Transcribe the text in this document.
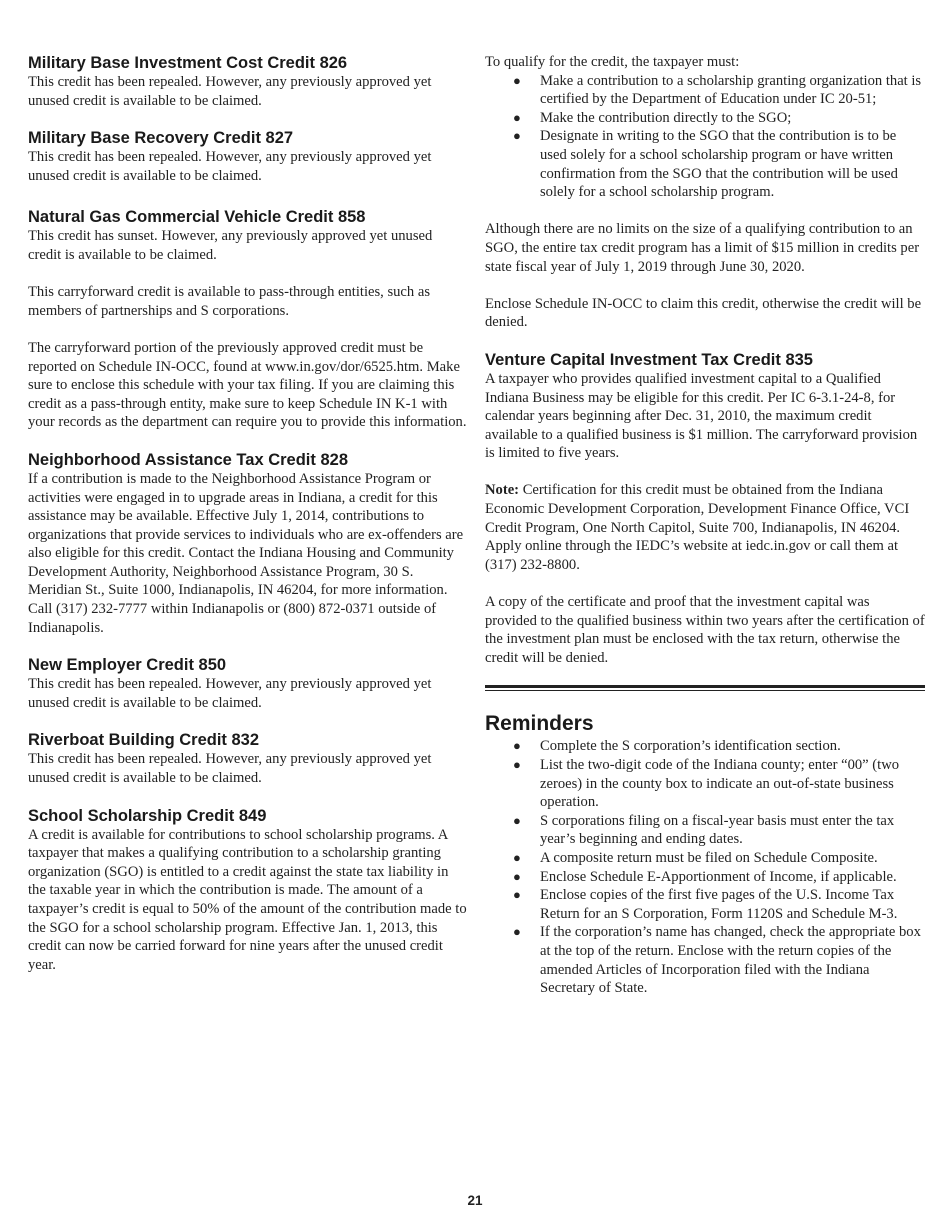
Military Base Investment Cost Credit 826

This credit has been repealed. However, any previously approved yet unused credit is available to be claimed.

Military Base Recovery Credit 827

This credit has been repealed. However, any previously approved yet unused credit is available to be claimed.

Natural Gas Commercial Vehicle Credit 858

This credit has sunset. However, any previously approved yet unused credit is available to be claimed.

This carryforward credit is available to pass-through entities, such as members of partnerships and S corporations.

The carryforward portion of the previously approved credit must be reported on Schedule IN-OCC, found at www.in.gov/dor/6525.htm. Make sure to enclose this schedule with your tax filing. If you are claiming this credit as a pass-through entity, make sure to keep Schedule IN K-1 with your records as the department can require you to provide this information.

Neighborhood Assistance Tax Credit 828

If a contribution is made to the Neighborhood Assistance Program or activities were engaged in to upgrade areas in Indiana, a credit for this assistance may be available. Effective July 1, 2014, contributions to organizations that provide services to individuals who are ex-offenders are also eligible for this credit. Contact the Indiana Housing and Community Development Authority, Neighborhood Assistance Program, 30 S. Meridian St., Suite 1000, Indianapolis, IN 46204, for more information. Call (317) 232-7777 within Indianapolis or (800) 872-0371 outside of Indianapolis.

New Employer Credit 850

This credit has been repealed. However, any previously approved yet unused credit is available to be claimed.

Riverboat Building Credit 832

This credit has been repealed. However, any previously approved yet unused credit is available to be claimed.

School Scholarship Credit 849

A credit is available for contributions to school scholarship programs. A taxpayer that makes a qualifying contribution to a scholarship granting organization (SGO) is entitled to a credit against the state tax liability in the taxable year in which the contribution is made. The amount of a taxpayer’s credit is equal to 50% of the amount of the contribution made to the SGO for a school scholarship program. Effective Jan. 1, 2013, this credit can now be carried forward for nine years after the unused credit year.

To qualify for the credit, the taxpayer must:

● Make a contribution to a scholarship granting organization that is certified by the Department of Education under IC 20-51;
● Make the contribution directly to the SGO;
● Designate in writing to the SGO that the contribution is to be used solely for a school scholarship program or have written confirmation from the SGO that the contribution will be used solely for a school scholarship program.

Although there are no limits on the size of a qualifying contribution to an SGO, the entire tax credit program has a limit of $15 million in credits per state fiscal year of July 1, 2019 through June 30, 2020.

Enclose Schedule IN-OCC to claim this credit, otherwise the credit will be denied.

Venture Capital Investment Tax Credit 835

A taxpayer who provides qualified investment capital to a Qualified Indiana Business may be eligible for this credit. Per IC 6-3.1-24-8, for calendar years beginning after Dec. 31, 2010, the maximum credit available to a qualified business is $1 million. The carryforward provision is limited to five years.

Note: Certification for this credit must be obtained from the Indiana Economic Development Corporation, Development Finance Office, VCI Credit Program, One North Capitol, Suite 700, Indianapolis, IN 46204. Apply online through the IEDC’s website at iedc.in.gov or call them at (317) 232-8800.

A copy of the certificate and proof that the investment capital was provided to the qualified business within two years after the certification of the investment plan must be enclosed with the tax return, otherwise the credit will be denied.

Reminders
● Complete the S corporation’s identification section.
● List the two-digit code of the Indiana county; enter “00” (two zeroes) in the county box to indicate an out-of-state business operation.
● S corporations filing on a fiscal-year basis must enter the tax year’s beginning and ending dates.
● A composite return must be filed on Schedule Composite.
● Enclose Schedule E-Apportionment of Income, if applicable.
● Enclose copies of the first five pages of the U.S. Income Tax Return for an S Corporation, Form 1120S and Schedule M-3.
● If the corporation’s name has changed, check the appropriate box at the top of the return. Enclose with the return copies of the amended Articles of Incorporation filed with the Indiana Secretary of State.
21
